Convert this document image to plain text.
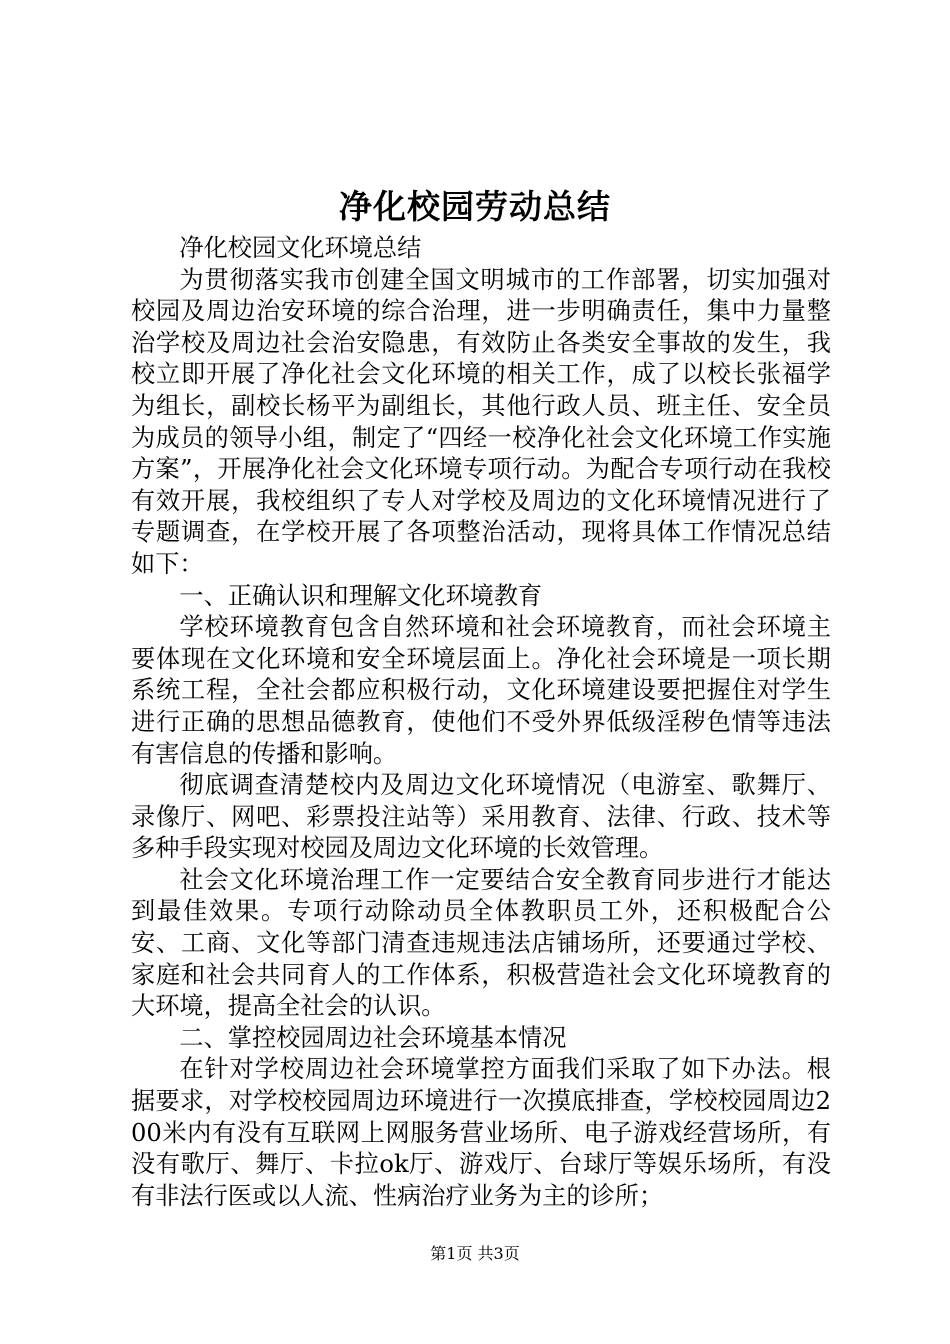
净化校园劳动总结

净化校园文化环境总结

为贯彻落实我市创建全国文明城市的工作部署，切实加强对校园及周边治安环境的综合治理，进一步明确责任，集中力量整治学校及周边社会治安隐患，有效防止各类安全事故的发生，我校立即开展了净化社会文化环境的相关工作，成了以校长张福学为组长，副校长杨平为副组长，其他行政人员、班主任、安全员为成员的领导小组，制定了“四经一校净化社会文化环境工作实施方案”，开展净化社会文化环境专项行动。为配合专项行动在我校有效开展，我校组织了专人对学校及周边的文化环境情况进行了专题调查，在学校开展了各项整治活动，现将具体工作情况总结如下：

一、正确认识和理解文化环境教育

学校环境教育包含自然环境和社会环境教育，而社会环境主要体现在文化环境和安全环境层面上。净化社会环境是一项长期系统工程，全社会都应积极行动，文化环境建设要把握住对学生进行正确的思想品德教育，使他们不受外界低级淫秽色情等违法有害信息的传播和影响。

彻底调查清楚校内及周边文化环境情况（电游室、歌舞厅、录像厅、网吧、彩票投注站等）采用教育、法律、行政、技术等多种手段实现对校园及周边文化环境的长效管理。

社会文化环境治理工作一定要结合安全教育同步进行才能达到最佳效果。专项行动除动员全体教职员工外，还积极配合公安、工商、文化等部门清查违规违法店铺场所，还要通过学校、家庭和社会共同育人的工作体系，积极营造社会文化环境教育的大环境，提高全社会的认识。

二、掌控校园周边社会环境基本情况

在针对学校周边社会环境掌控方面我们采取了如下办法。根据要求，对学校校园周边环境进行一次摸底排查，学校校园周边200米内有没有互联网上网服务营业场所、电子游戏经营场所，有没有歌厅、舞厅、卡拉ok厅、游戏厅、台球厅等娱乐场所，有没有非法行医或以人流、性病治疗业务为主的诊所；

第1页 共3页
